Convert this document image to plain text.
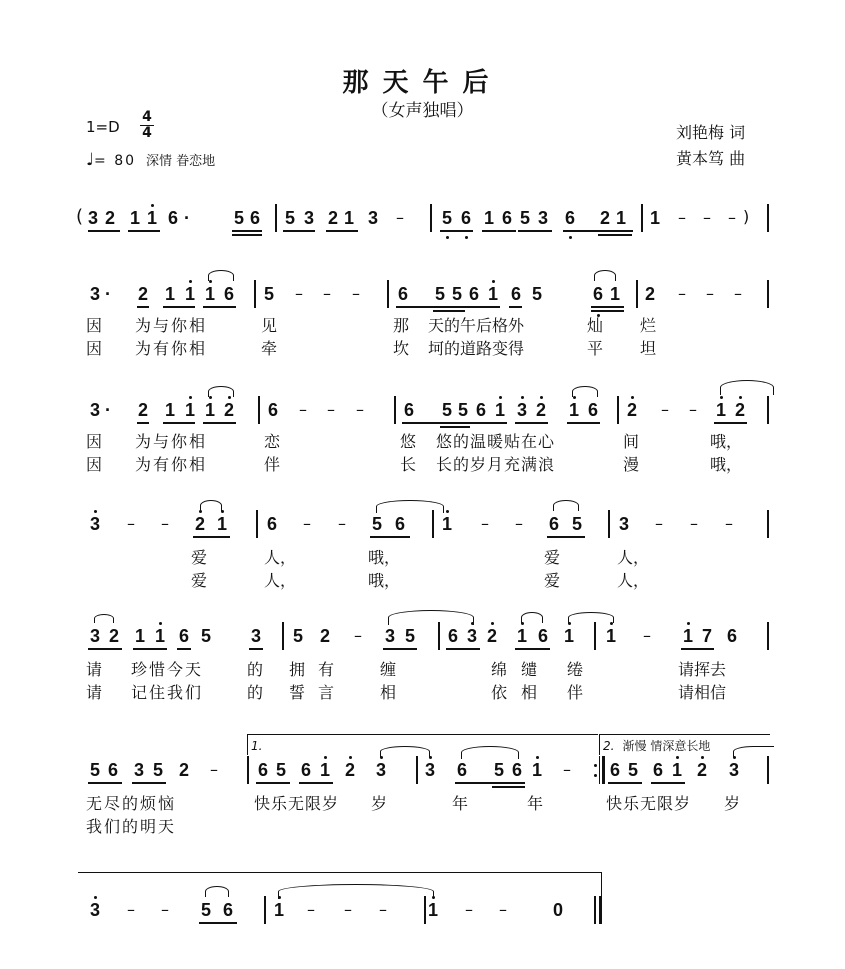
那天午后
（女声独唱）
1=D
4
4
♩= 80 深情 眷恋地
刘艳梅 词
黄本笃 曲
( 3 2 1 1 6 · 5 6 5 3 2 1 3 – 5 6 1 6 5 3 6 2 1 1 – – – )
3 · 2 1 1 1 6 5 – – – 6 5 5 6 1 6 5	6 1 2 – – –
因 为与你相	见	那 天的午后格外	灿 烂
因 为有你相	牵	坎 坷的道路变得	平 坦
3 · 2 1 1 1 2 6 – – – 6 5 5 6 1 3 2 1 6 2 – – 1 2
因 为与你相	恋	悠 悠的温暖贴在心	间	哦，
因 为有你相	伴	长 长的岁月充满浪	漫	哦，
3 – – 2 1 6 – – 5 6 1 – – 6 5 3 – – –
爱	人，	哦，	爱	人，
爱	人，	哦，	爱	人，
3 2 1 1 6 5 3 5 2 – 3 5 6 3 2 1 6 1 1 – 1 7 6
请 珍惜今天	的 拥 有	缠	绵 缱 绻	请挥去
请 记住我们	的 誓 言	相	依 相 伴	请相信
5 6 3 5 2 –
1.
6 5 6 1 2 3 3 6 5 6 1 –
2. 渐慢 情深意长地
6 5 6 1 2 3
无尽的烦恼	快乐无限岁 岁	年	年	快乐无限岁 岁
我们的明天
3 – – 5 6 1 – – – 1 – –	0
